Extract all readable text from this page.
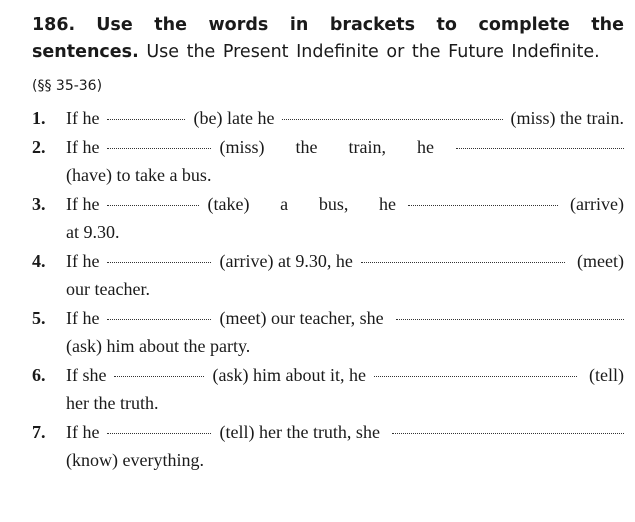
186. Use the words in brackets to complete the sentences. Use the Present Indefinite or the Future Indefinite.

(§§ 35-36)
1. If he	(be) late he	(miss) the train.
2. If he	(miss) the train, he
(have) to take a bus.
3. If he	(take) a bus, he	(arrive)
at 9.30.
4. If he	(arrive) at 9.30, he	(meet)
our teacher.
5. If he	(meet) our teacher, she
(ask) him about the party.
6. If she	(ask) him about it, he	(tell)
her the truth.
7. If he	(tell) her the truth, she
(know) everything.
